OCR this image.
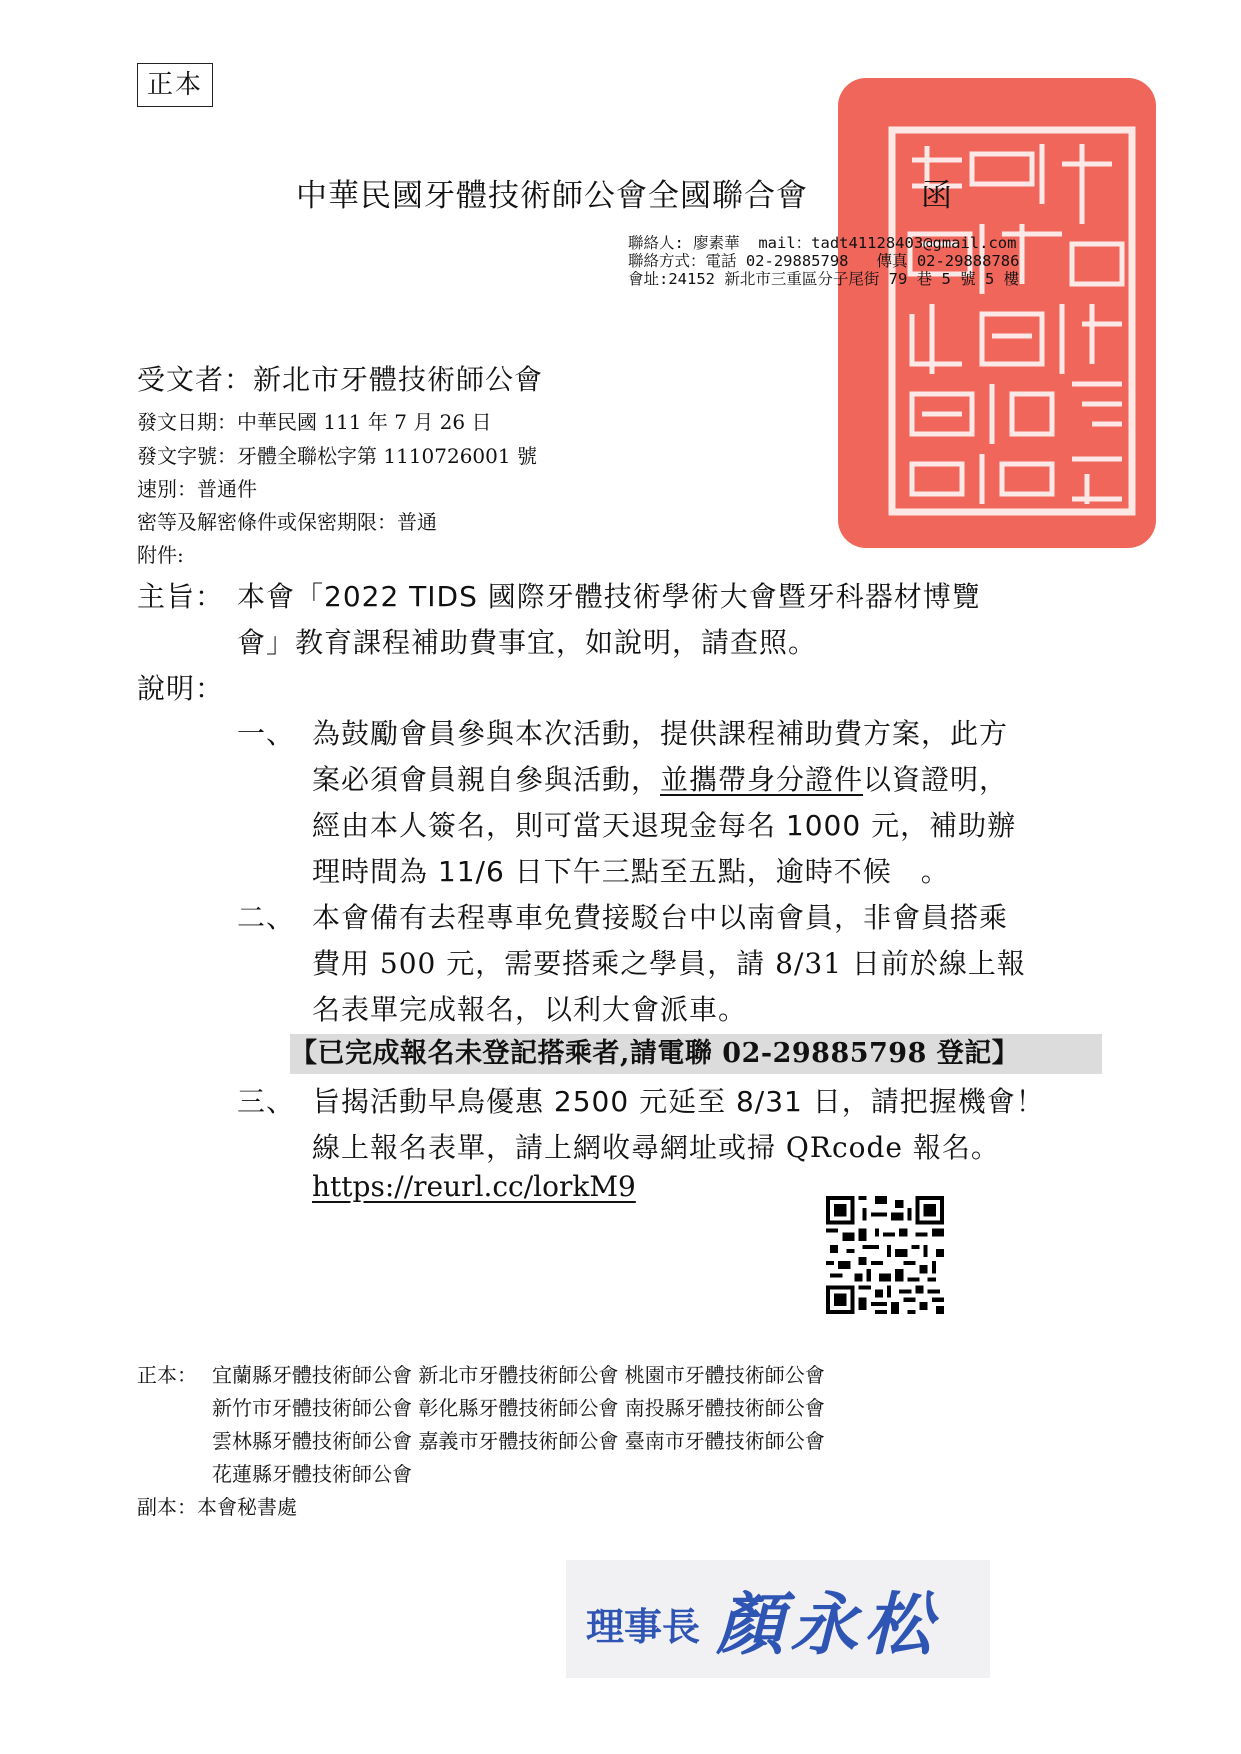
正本
中華民國牙體技術師公會全國聯合會	函
聯絡人: 廖素華 mail：tadt41128403@gmail.com
聯絡方式：電話 02-29885798 傳真 02-29888786
會址:24152 新北市三重區分子尾街 79 巷 5 號 5 樓
受文者：新北市牙體技術師公會
發文日期：中華民國 111 年 7 月 26 日
發文字號：牙體全聯松字第 1110726001 號
速別：普通件
密等及解密條件或保密期限：普通
附件:
主旨： 本會「2022 TIDS 國際牙體技術學術大會暨牙科器材博覽
會」教育課程補助費事宜，如說明，請查照。
說明：
一、 為鼓勵會員參與本次活動，提供課程補助費方案，此方
案必須會員親自參與活動，並攜帶身分證件以資證明，
經由本人簽名，則可當天退現金每名 1000 元，補助辦
理時間為 11/6 日下午三點至五點，逾時不候　。
二、 本會備有去程專車免費接駁台中以南會員，非會員搭乘
費用 500 元，需要搭乘之學員，請 8/31 日前於線上報
名表單完成報名，以利大會派車。
【已完成報名未登記搭乘者,請電聯 02-29885798 登記】
三、 旨揭活動早鳥優惠 2500 元延至 8/31 日，請把握機會！
線上報名表單，請上網收尋網址或掃 QRcode 報名。
https://reurl.cc/lorkM9
正本： 宜蘭縣牙體技術師公會 新北市牙體技術師公會 桃園市牙體技術師公會
新竹市牙體技術師公會 彰化縣牙體技術師公會 南投縣牙體技術師公會
雲林縣牙體技術師公會 嘉義市牙體技術師公會 臺南市牙體技術師公會
花蓮縣牙體技術師公會
副本：本會秘書處
理事長 顏永松
